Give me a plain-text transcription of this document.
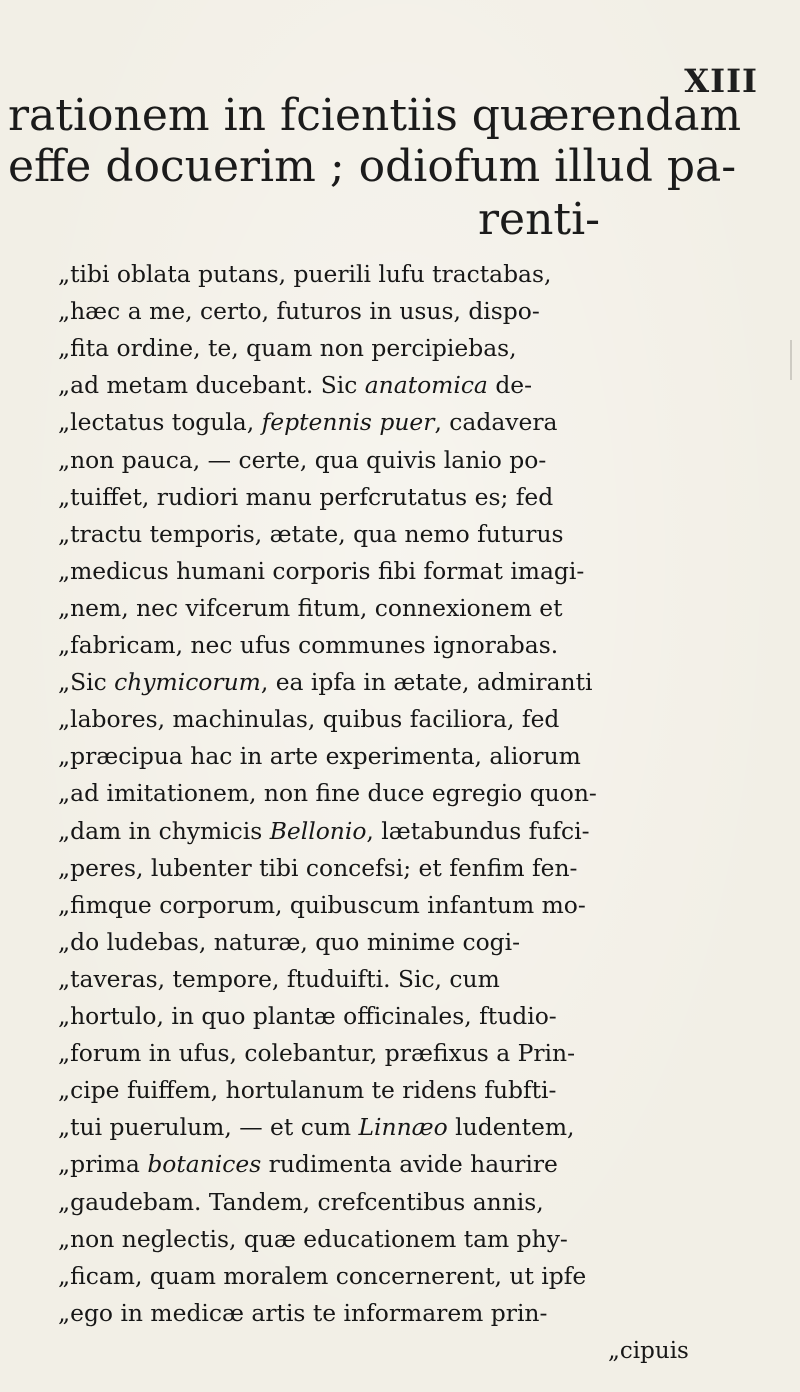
XIII
rationem in fcientiis quærendam
effe docuerim ; odiofum illud pa-
renti-
„tibi oblata putans, puerili lufu tractabas,
„hæc a me, certo, futuros in usus, dispo-
„fita ordine, te, quam non percipiebas,
„ad metam ducebant. Sic anatomica de-
„lectatus togula, feptennis puer, cadavera
„non pauca, — certe, qua quivis lanio po-
„tuiffet, rudiori manu perfcrutatus es; fed
„tractu temporis, ætate, qua nemo futurus
„medicus humani corporis fibi format imagi-
„nem, nec vifcerum fitum, connexionem et
„fabricam, nec ufus communes ignorabas.
„Sic chymicorum, ea ipfa in ætate, admiranti
„labores, machinulas, quibus faciliora, fed
„præcipua hac in arte experimenta, aliorum
„ad imitationem, non fine duce egregio quon-
„dam in chymicis Bellonio, lætabundus fufci-
„peres, lubenter tibi concefsi; et fenfim fen-
„fimque corporum, quibuscum infantum mo-
„do ludebas, naturæ, quo minime cogi-
„taveras, tempore, ftuduifti. Sic, cum
„hortulo, in quo plantæ officinales, ftudio-
„forum in ufus, colebantur, præfixus a Prin-
„cipe fuiffem, hortulanum te ridens fubfti-
„tui puerulum, — et cum Linnæo ludentem,
„prima botanices rudimenta avide haurire
„gaudebam. Tandem, crefcentibus annis,
„non neglectis, quæ educationem tam phy-
„ficam, quam moralem concernerent, ut ipfe
„ego in medicæ artis te informarem prin-
„cipuis
